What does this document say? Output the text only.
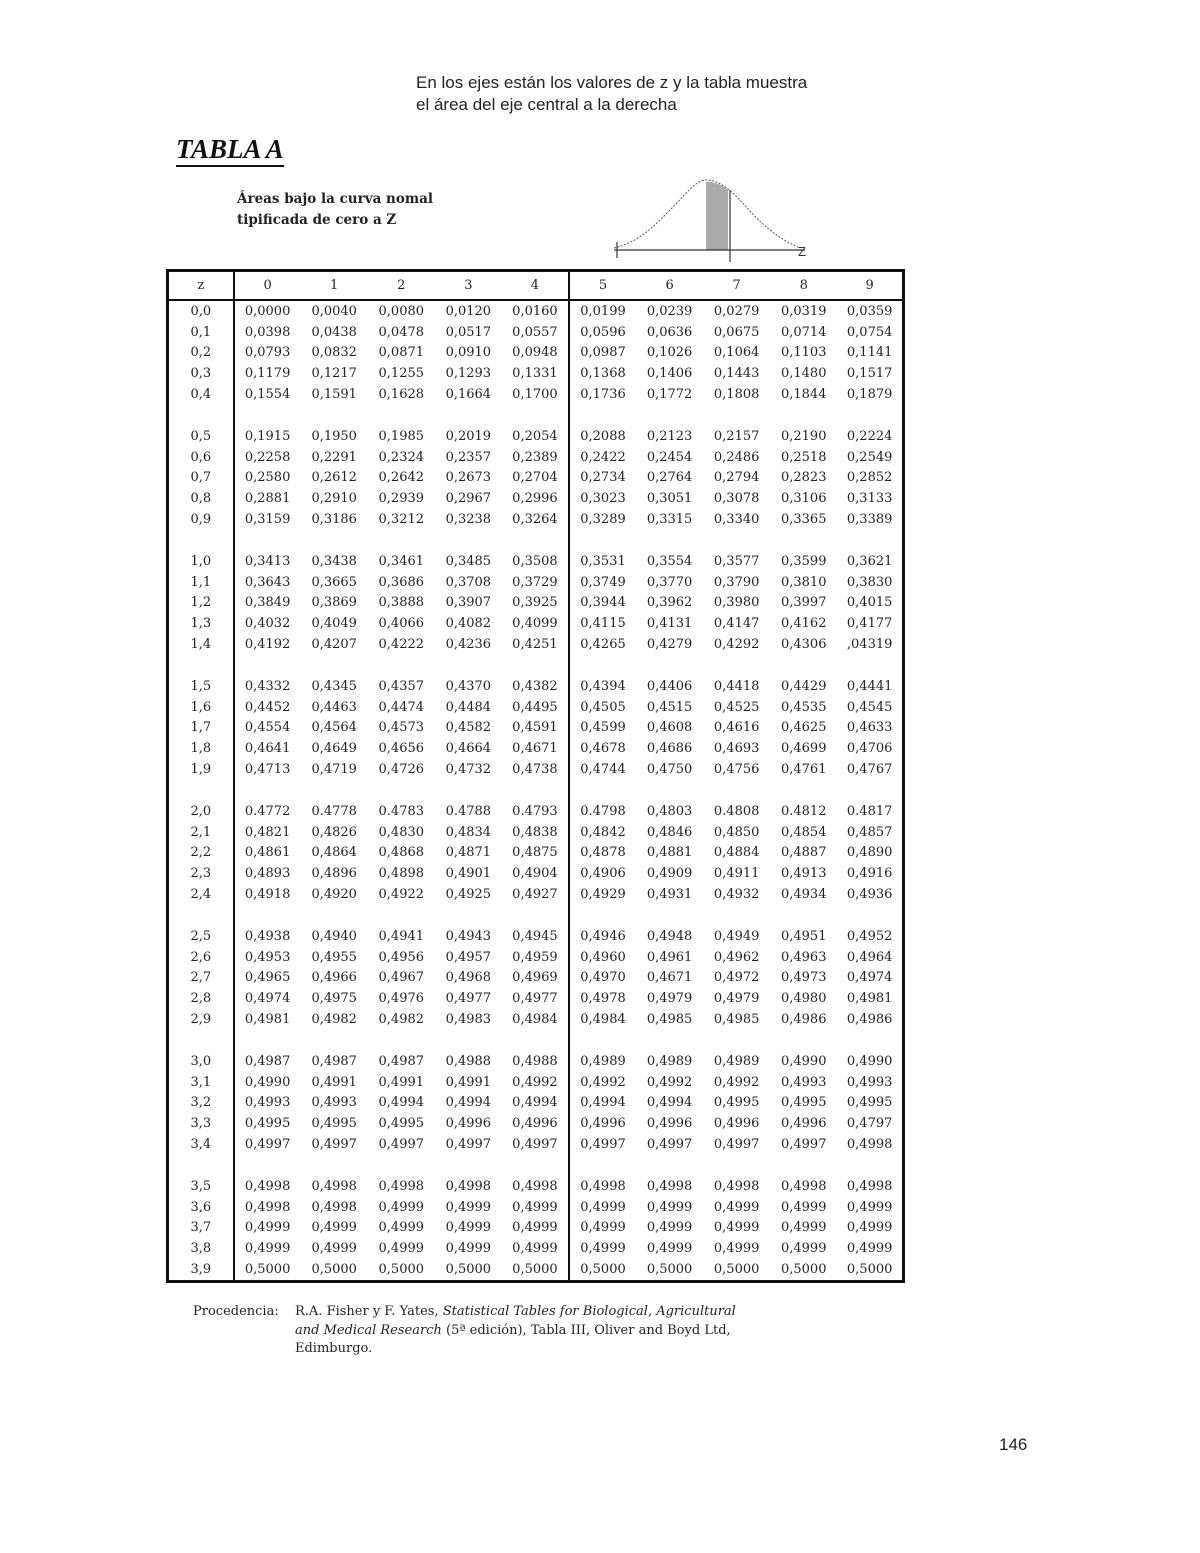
En los ejes están los valores de z y la tabla muestra
el área del eje central a la derecha
TABLA A
Áreas bajo la curva nomal
tipificada de cero a Z
Z
z	0	1	2	3	4	5	6	7	8	9
0,0	0,0000	0,0040	0,0080	0,0120	0,0160	0,0199	0,0239	0,0279	0,0319	0,0359
0,1	0,0398	0,0438	0,0478	0,0517	0,0557	0,0596	0,0636	0,0675	0,0714	0,0754
0,2	0,0793	0,0832	0,0871	0,0910	0,0948	0,0987	0,1026	0,1064	0,1103	0,1141
0,3	0,1179	0,1217	0,1255	0,1293	0,1331	0,1368	0,1406	0,1443	0,1480	0,1517
0,4	0,1554	0,1591	0,1628	0,1664	0,1700	0,1736	0,1772	0,1808	0,1844	0,1879

0,5	0,1915	0,1950	0,1985	0,2019	0,2054	0,2088	0,2123	0,2157	0,2190	0,2224
0,6	0,2258	0,2291	0,2324	0,2357	0,2389	0,2422	0,2454	0,2486	0,2518	0,2549
0,7	0,2580	0,2612	0,2642	0,2673	0,2704	0,2734	0,2764	0,2794	0,2823	0,2852
0,8	0,2881	0,2910	0,2939	0,2967	0,2996	0,3023	0,3051	0,3078	0,3106	0,3133
0,9	0,3159	0,3186	0,3212	0,3238	0,3264	0,3289	0,3315	0,3340	0,3365	0,3389

1,0	0,3413	0,3438	0,3461	0,3485	0,3508	0,3531	0,3554	0,3577	0,3599	0,3621
1,1	0,3643	0,3665	0,3686	0,3708	0,3729	0,3749	0,3770	0,3790	0,3810	0,3830
1,2	0,3849	0,3869	0,3888	0,3907	0,3925	0,3944	0,3962	0,3980	0,3997	0,4015
1,3	0,4032	0,4049	0,4066	0,4082	0,4099	0,4115	0,4131	0,4147	0,4162	0,4177
1,4	0,4192	0,4207	0,4222	0,4236	0,4251	0,4265	0,4279	0,4292	0,4306	,04319

1,5	0,4332	0,4345	0,4357	0,4370	0,4382	0,4394	0,4406	0,4418	0,4429	0,4441
1,6	0,4452	0,4463	0,4474	0,4484	0,4495	0,4505	0,4515	0,4525	0,4535	0,4545
1,7	0,4554	0,4564	0,4573	0,4582	0,4591	0,4599	0,4608	0,4616	0,4625	0,4633
1,8	0,4641	0,4649	0,4656	0,4664	0,4671	0,4678	0,4686	0,4693	0,4699	0,4706
1,9	0,4713	0,4719	0,4726	0,4732	0,4738	0,4744	0,4750	0,4756	0,4761	0,4767

2,0	0.4772	0.4778	0.4783	0.4788	0.4793	0.4798	0,4803	0.4808	0.4812	0.4817
2,1	0,4821	0,4826	0,4830	0,4834	0,4838	0,4842	0,4846	0,4850	0,4854	0,4857
2,2	0,4861	0,4864	0,4868	0,4871	0,4875	0,4878	0,4881	0,4884	0,4887	0,4890
2,3	0,4893	0,4896	0,4898	0,4901	0,4904	0,4906	0,4909	0,4911	0,4913	0,4916
2,4	0,4918	0,4920	0,4922	0,4925	0,4927	0,4929	0,4931	0,4932	0,4934	0,4936

2,5	0,4938	0,4940	0,4941	0,4943	0,4945	0,4946	0,4948	0,4949	0,4951	0,4952
2,6	0,4953	0,4955	0,4956	0,4957	0,4959	0,4960	0,4961	0,4962	0,4963	0,4964
2,7	0,4965	0,4966	0,4967	0,4968	0,4969	0,4970	0,4671	0,4972	0,4973	0,4974
2,8	0,4974	0,4975	0,4976	0,4977	0,4977	0,4978	0,4979	0,4979	0,4980	0,4981
2,9	0,4981	0,4982	0,4982	0,4983	0,4984	0,4984	0,4985	0,4985	0,4986	0,4986

3,0	0,4987	0,4987	0,4987	0,4988	0,4988	0,4989	0,4989	0,4989	0,4990	0,4990
3,1	0,4990	0,4991	0,4991	0,4991	0,4992	0,4992	0,4992	0,4992	0,4993	0,4993
3,2	0,4993	0,4993	0,4994	0,4994	0,4994	0,4994	0,4994	0,4995	0,4995	0,4995
3,3	0,4995	0,4995	0,4995	0,4996	0,4996	0,4996	0,4996	0,4996	0,4996	0,4797
3,4	0,4997	0,4997	0,4997	0,4997	0,4997	0,4997	0,4997	0,4997	0,4997	0,4998

3,5	0,4998	0,4998	0,4998	0,4998	0,4998	0,4998	0,4998	0,4998	0,4998	0,4998
3,6	0,4998	0,4998	0,4999	0,4999	0,4999	0,4999	0,4999	0,4999	0,4999	0,4999
3,7	0,4999	0,4999	0,4999	0,4999	0,4999	0,4999	0,4999	0,4999	0,4999	0,4999
3,8	0,4999	0,4999	0,4999	0,4999	0,4999	0,4999	0,4999	0,4999	0,4999	0,4999
3,9	0,5000	0,5000	0,5000	0,5000	0,5000	0,5000	0,5000	0,5000	0,5000	0,5000
Procedencia: R.A. Fisher y F. Yates, Statistical Tables for Biological, Agricultural
and Medical Research (5ª edición), Tabla III, Oliver and Boyd Ltd,
Edimburgo.
146
